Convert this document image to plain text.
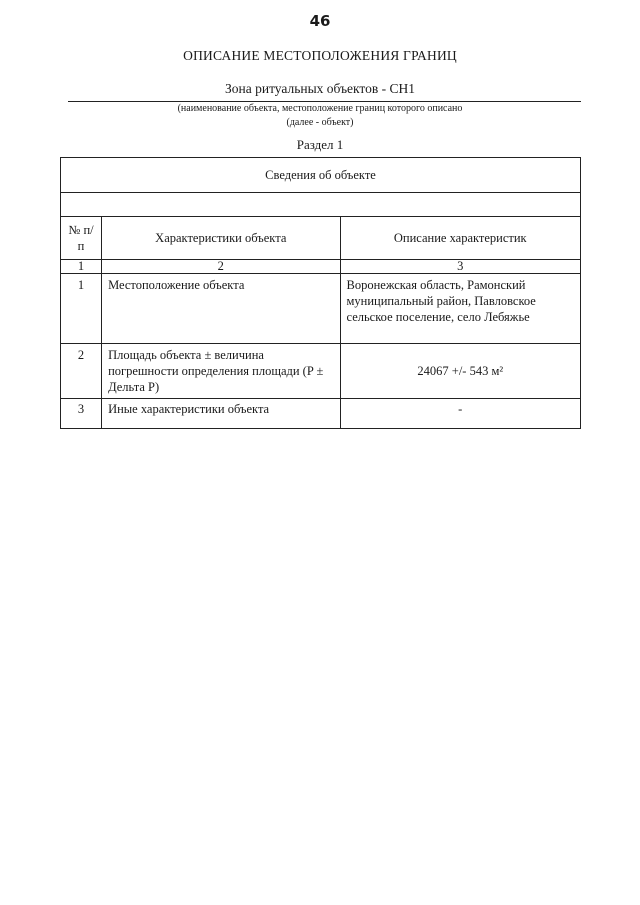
46
ОПИСАНИЕ МЕСТОПОЛОЖЕНИЯ ГРАНИЦ
Зона ритуальных объектов - СН1
(наименование объекта, местоположение границ которого описано
(далее - объект)
Раздел 1
Сведения об объекте		

№ п/п	Характеристики объекта	Описание характеристик
1	2	3
1	Местоположение объекта	Воронежская область, Рамонский муниципальный район, Павловское сельское поселение, село Лебяжье
2	Площадь объекта ± величина погрешности определения площади (P ± Дельта P)	24067 +/- 543 м²
3	Иные характеристики объекта	-
